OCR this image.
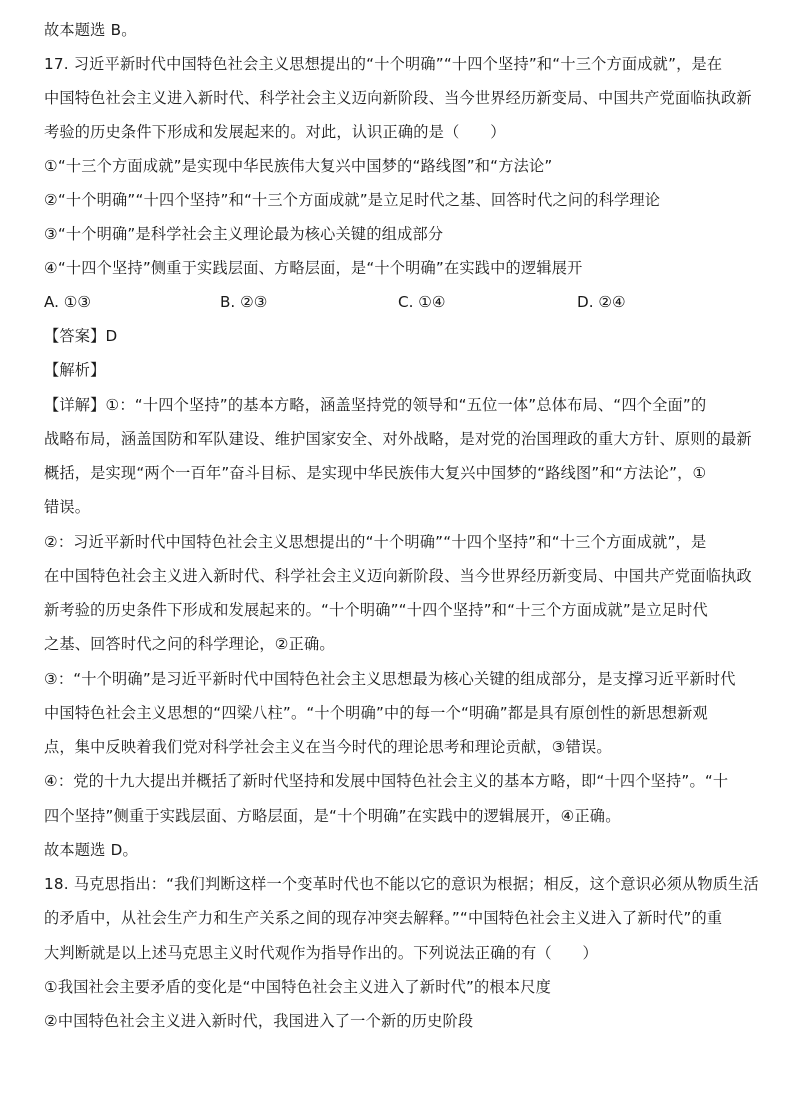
故本题选 B。
17. 习近平新时代中国特色社会主义思想提出的“十个明确”“十四个坚持”和“十三个方面成就”，是在
中国特色社会主义进入新时代、科学社会主义迈向新阶段、当今世界经历新变局、中国共产党面临执政新
考验的历史条件下形成和发展起来的。对此，认识正确的是（　　）
①“十三个方面成就”是实现中华民族伟大复兴中国梦的“路线图”和“方法论”
②“十个明确”“十四个坚持”和“十三个方面成就”是立足时代之基、回答时代之问的科学理论
③“十个明确”是科学社会主义理论最为核心关键的组成部分
④“十四个坚持”侧重于实践层面、方略层面，是“十个明确”在实践中的逻辑展开
A. ①③	B. ②③	C. ①④	D. ②④
【答案】D
【解析】
【详解】①：“十四个坚持”的基本方略，涵盖坚持党的领导和“五位一体”总体布局、“四个全面”的
战略布局，涵盖国防和军队建设、维护国家安全、对外战略，是对党的治国理政的重大方针、原则的最新
概括，是实现“两个一百年”奋斗目标、是实现中华民族伟大复兴中国梦的“路线图”和“方法论”，①
错误。
②：习近平新时代中国特色社会主义思想提出的“十个明确”“十四个坚持”和“十三个方面成就”，是
在中国特色社会主义进入新时代、科学社会主义迈向新阶段、当今世界经历新变局、中国共产党面临执政
新考验的历史条件下形成和发展起来的。“十个明确”“十四个坚持”和“十三个方面成就”是立足时代
之基、回答时代之问的科学理论，②正确。
③：“十个明确”是习近平新时代中国特色社会主义思想最为核心关键的组成部分，是支撑习近平新时代
中国特色社会主义思想的“四梁八柱”。“十个明确”中的每一个“明确”都是具有原创性的新思想新观
点，集中反映着我们党对科学社会主义在当今时代的理论思考和理论贡献，③错误。
④：党的十九大提出并概括了新时代坚持和发展中国特色社会主义的基本方略，即“十四个坚持”。“十
四个坚持”侧重于实践层面、方略层面，是“十个明确”在实践中的逻辑展开，④正确。
故本题选 D。
18. 马克思指出：“我们判断这样一个变革时代也不能以它的意识为根据；相反，这个意识必须从物质生活
的矛盾中，从社会生产力和生产关系之间的现存冲突去解释。”“中国特色社会主义进入了新时代”的重
大判断就是以上述马克思主义时代观作为指导作出的。下列说法正确的有（　　）
①我国社会主要矛盾的变化是“中国特色社会主义进入了新时代”的根本尺度
②中国特色社会主义进入新时代，我国进入了一个新的历史阶段
